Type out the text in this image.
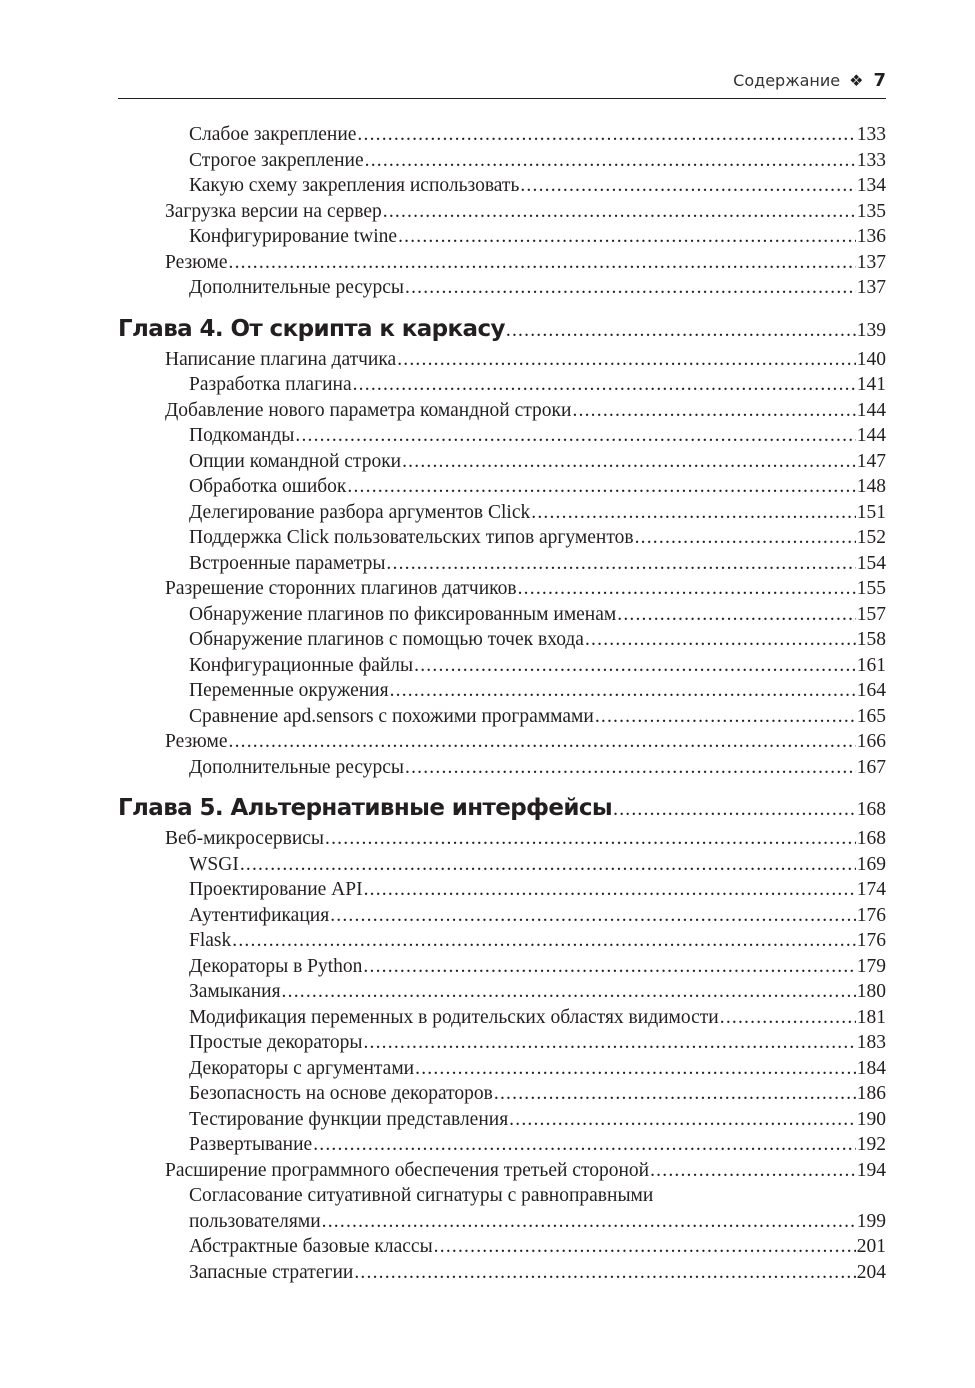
Содержание ❖ 7
Слабое закрепление .....	133
Строгое закрепление .....	133
Какую схему закрепления использовать .....	134
Загрузка версии на сервер .....	135
Конфигурирование twine .....	136
Резюме .....	137
Дополнительные ресурсы .....	137
Глава 4. От скрипта к каркасу .....	139
Написание плагина датчика .....	140
Разработка плагина .....	141
Добавление нового параметра командной строки .....	144
Подкоманды .....	144
Опции командной строки .....	147
Обработка ошибок .....	148
Делегирование разбора аргументов Click .....	151
Поддержка Click пользовательских типов аргументов .....	152
Встроенные параметры .....	154
Разрешение сторонних плагинов датчиков .....	155
Обнаружение плагинов по фиксированным именам .....	157
Обнаружение плагинов с помощью точек входа .....	158
Конфигурационные файлы .....	161
Переменные окружения .....	164
Сравнение apd.sensors с похожими программами .....	165
Резюме .....	166
Дополнительные ресурсы .....	167
Глава 5. Альтернативные интерфейсы .....	168
Веб-микросервисы .....	168
WSGI .....	169
Проектирование API .....	174
Аутентификация .....	176
Flask .....	176
Декораторы в Python .....	179
Замыкания .....	180
Модификация переменных в родительских областях видимости .....	181
Простые декораторы .....	183
Декораторы с аргументами .....	184
Безопасность на основе декораторов .....	186
Тестирование функции представления .....	190
Развертывание .....	192
Расширение программного обеспечения третьей стороной .....	194
Согласование ситуативной сигнатуры с равноправными
пользователями .....	199
Абстрактные базовые классы .....	201
Запасные стратегии .....	204
